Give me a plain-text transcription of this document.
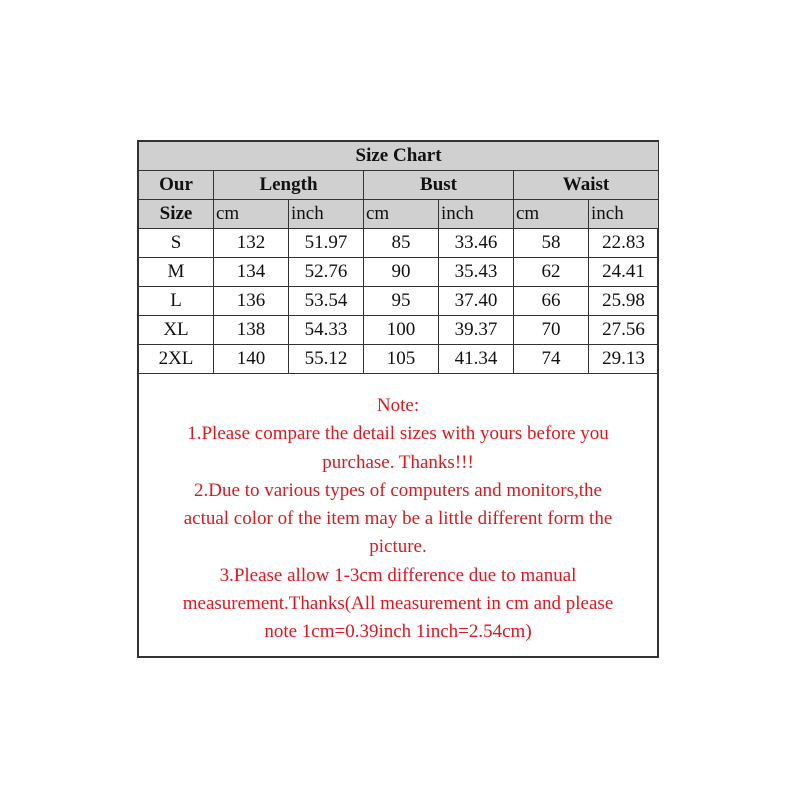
Size Chart						
Our	Length		Bust		Waist	
Size	cm	inch	cm	inch	cm	inch
S	132	51.97	85	33.46	58	22.83
M	134	52.76	90	35.43	62	24.41
L	136	53.54	95	37.40	66	25.98
XL	138	54.33	100	39.37	70	27.56
2XL	140	55.12	105	41.34	74	29.13

Note:

1.Please compare the detail sizes with yours before you

purchase. Thanks!!!

2.Due to various types of computers and monitors,the

actual color of the item may be a little different form the

picture.

3.Please allow 1-3cm difference due to manual

measurement.Thanks(All measurement in cm and please

note 1cm=0.39inch 1inch=2.54cm)
